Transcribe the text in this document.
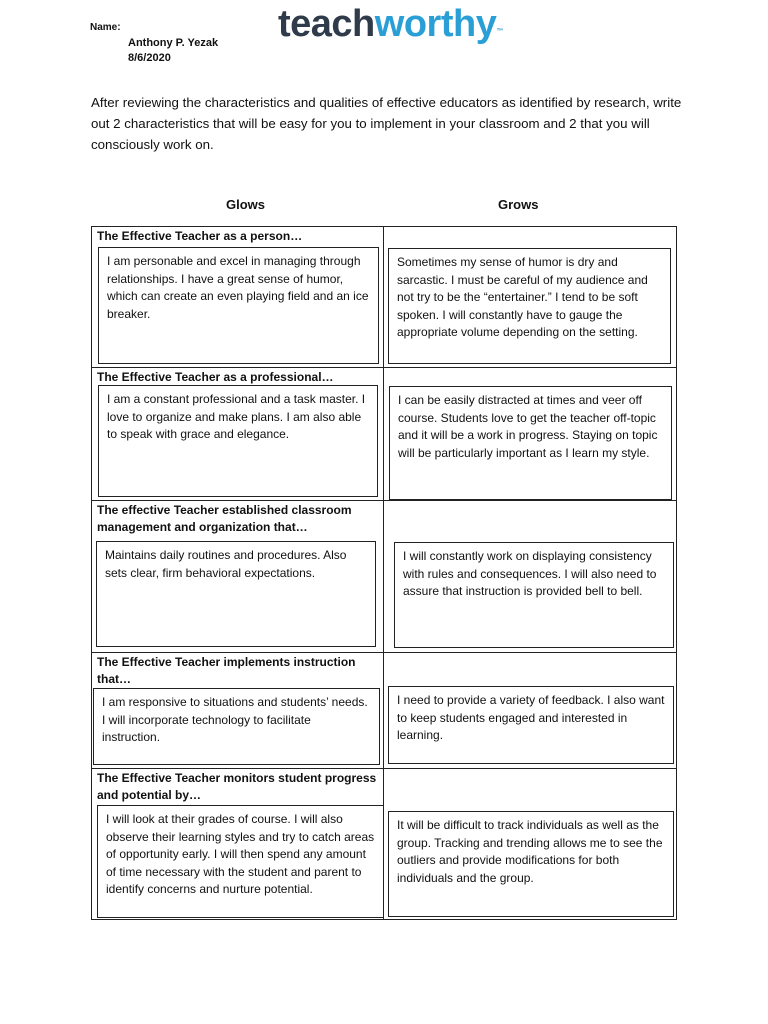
Name:
Anthony P. Yezak
8/6/2020
teachworthy™
After reviewing the characteristics and qualities of effective educators as identified by research, write out 2 characteristics that will be easy for you to implement in your classroom and 2 that you will consciously work on.
Glows	Grows
The Effective Teacher as a person…
I am personable and excel in managing through relationships. I have a great sense of humor, which can create an even playing field and an ice breaker.
Sometimes my sense of humor is dry and sarcastic. I must be careful of my audience and not try to be the “entertainer.” I tend to be soft spoken. I will constantly have to gauge the appropriate volume depending on the setting.
The Effective Teacher as a professional…
I am a constant professional and a task master. I love to organize and make plans. I am also able to speak with grace and elegance.
I can be easily distracted at times and veer off course. Students love to get the teacher off-topic and it will be a work in progress. Staying on topic will be particularly important as I learn my style.
The effective Teacher established classroom management and organization that…
Maintains daily routines and procedures. Also sets clear, firm behavioral expectations.
I will constantly work on displaying consistency with rules and consequences. I will also need to assure that instruction is provided bell to bell.
The Effective Teacher implements instruction that…
I am responsive to situations and students’ needs. I will incorporate technology to facilitate instruction.
I need to provide a variety of feedback. I also want to keep students engaged and interested in learning.
The Effective Teacher monitors student progress and potential by…
I will look at their grades of course. I will also observe their learning styles and try to catch areas of opportunity early. I will then spend any amount of time necessary with the student and parent to identify concerns and nurture potential.
It will be difficult to track individuals as well as the group. Tracking and trending allows me to see the outliers and provide modifications for both individuals and the group.
